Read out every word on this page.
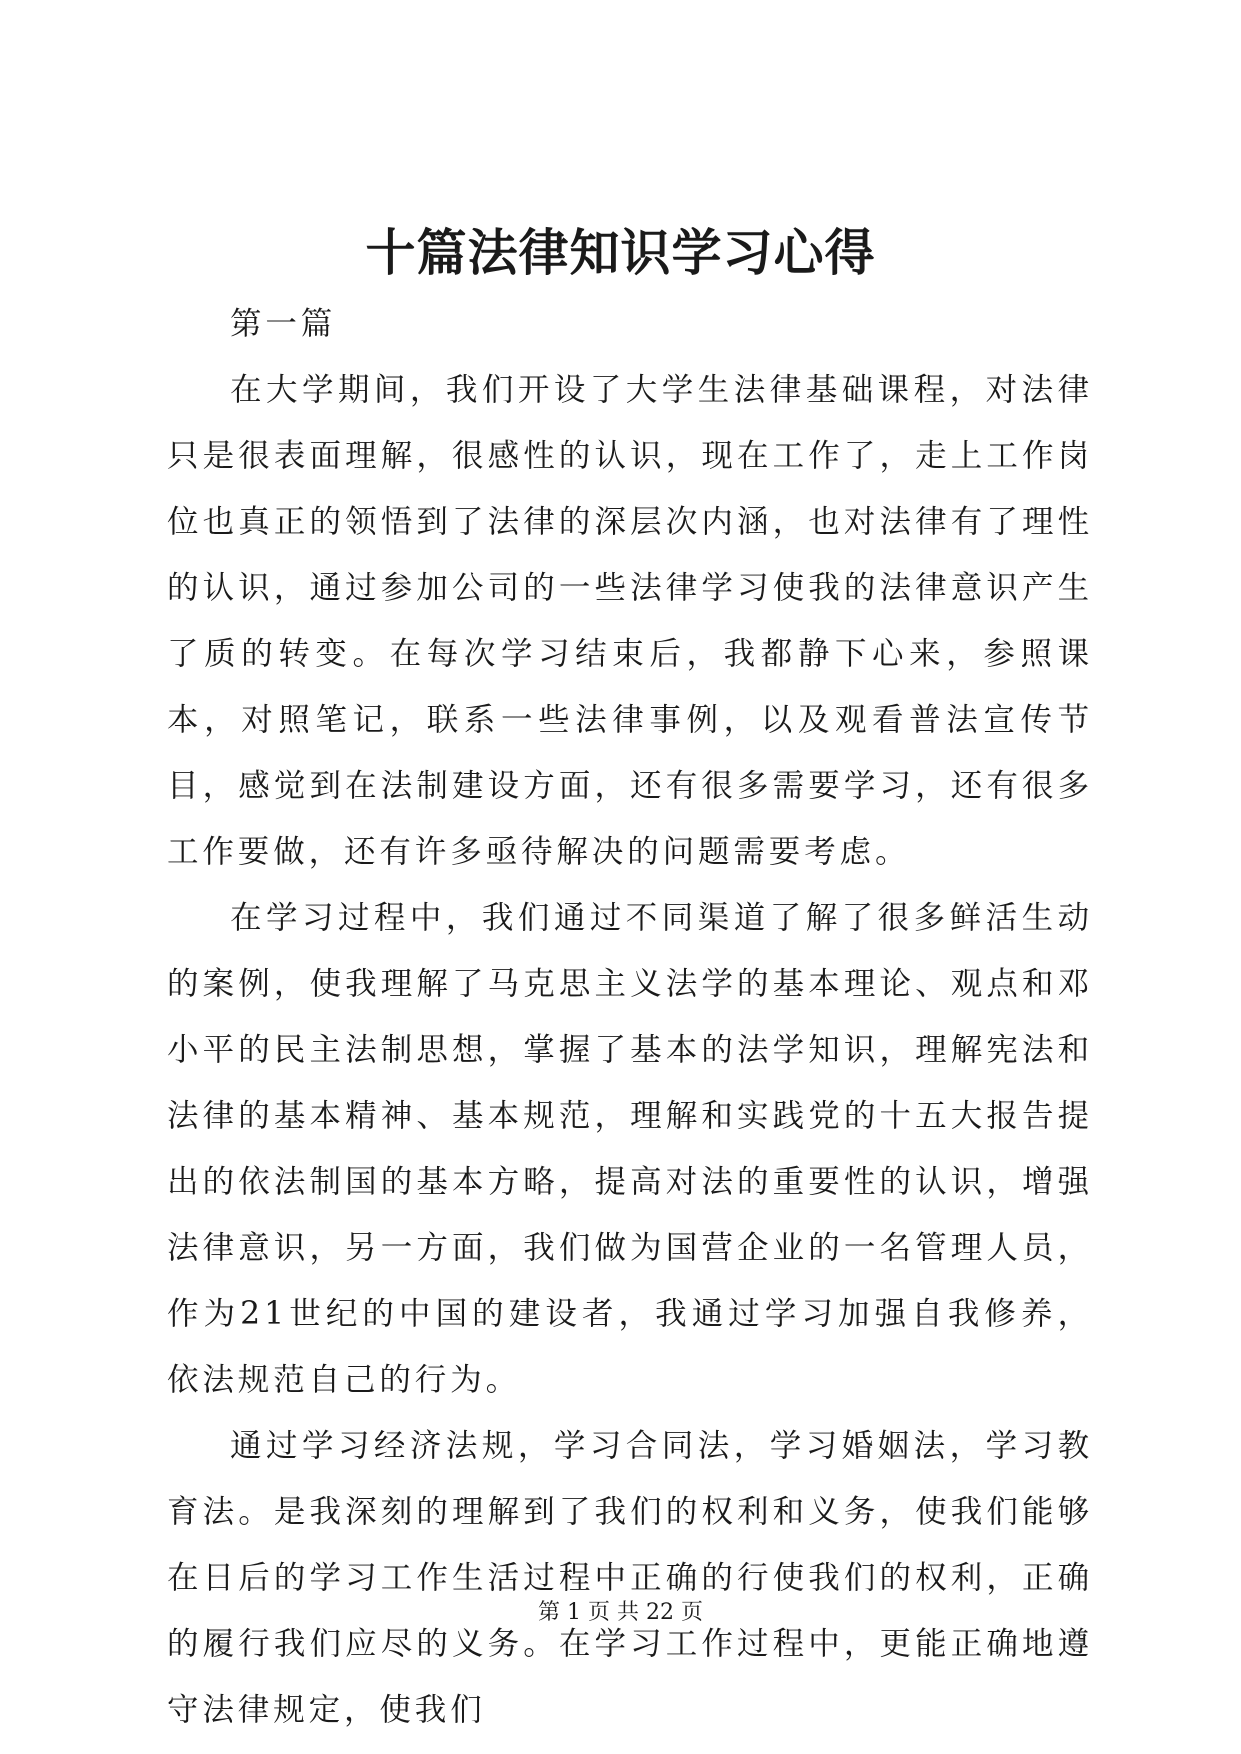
十篇法律知识学习心得

第一篇

在大学期间，我们开设了大学生法律基础课程，对法律只是很表面理解，很感性的认识，现在工作了，走上工作岗位也真正的领悟到了法律的深层次内涵，也对法律有了理性的认识，通过参加公司的一些法律学习使我的法律意识产生了质的转变。在每次学习结束后，我都静下心来，参照课本，对照笔记，联系一些法律事例，以及观看普法宣传节目，感觉到在法制建设方面，还有很多需要学习，还有很多工作要做，还有许多亟待解决的问题需要考虑。

在学习过程中，我们通过不同渠道了解了很多鲜活生动的案例，使我理解了马克思主义法学的基本理论、观点和邓小平的民主法制思想，掌握了基本的法学知识，理解宪法和法律的基本精神、基本规范，理解和实践党的十五大报告提出的依法制国的基本方略，提高对法的重要性的认识，增强法律意识，另一方面，我们做为国营企业的一名管理人员，作为21世纪的中国的建设者，我通过学习加强自我修养，依法规范自己的行为。

通过学习经济法规，学习合同法，学习婚姻法，学习教育法。是我深刻的理解到了我们的权利和义务，使我们能够在日后的学习工作生活过程中正确的行使我们的权利，正确的履行我们应尽的义务。在学习工作过程中，更能正确地遵守法律规定，使我们

第 1 页 共 22 页
